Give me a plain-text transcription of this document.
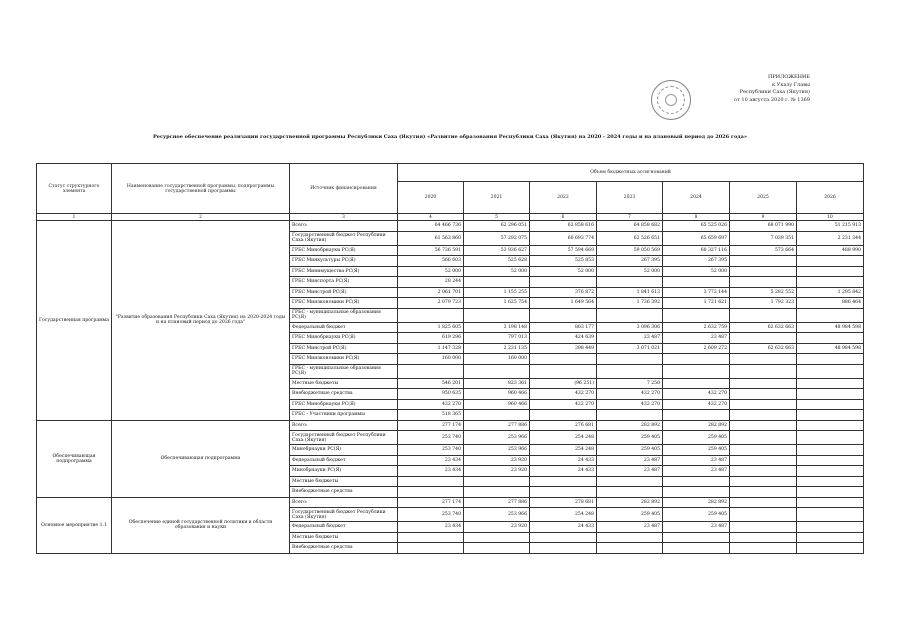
ПРИЛОЖЕНИЕ
к Указу Главы
Республики Саха (Якутия)
от 10 августа 2020 г. № 1369
Ресурсное обеспечение реализации государственной программы Республики Саха (Якутия) «Развитие образования Республики Саха (Якутия) на 2020 - 2024 годы и на плановый период до 2026 года»
Статус структурного элемента	Наименование государственной программы, подпрограммы государственной программы	Источник финансирования	Объем бюджетных ассигнований						
			2020	2021	2022	2023	2024	2025	2026
1	2	3	4	5	6	7	8	9	10
Государственная программа	"Развитие образования Республики Саха (Якутия) на 2020-2024 годы и на плановый период до 2026 года"	Всего:	64 466 736	62 296 051	62 858 616	64 858 682	65 525 026	68 071 990	51 215 913
		Государственный бюджет Республики Саха (Якутия)	61 563 860	57 292 075	60 693 774	62 526 651	65 659 697	7 039 351	2 231 344
		ГРБС Минобрнауки РС(Я)	56 736 591	53 936 627	57 594 669	59 050 569	60 327 116	573 664	488 990
		ГРБС Минкультуры РС(Я)	566 603	525 628	525 853	267 395	267 395		
		ГРБС Минимущества РС(Я)	52 000	52 000	52 000	52 000	52 000		
		ГРБС Минспорта РС(Я)	28 244						
		ГРБС Минстрой РС(Я)	2 061 701	1 155 255	376 872	1 841 613	3 772 144	5 282 552	1 295 842
		ГРБС Минэкономики РС(Я)	2 079 723	1 625 754	1 649 564	1 736 392	1 721 621	1 792 323	886 464
		ГРБС - муниципальные образования РС(Я)							
		Федеральный бюджет	1 825 605	3 198 148	803 177	3 096 306	2 632 759	62 632 663	48 984 598
		ГРБС Минобрнауки РС(Я)	619 296	797 013	424 639	23 487	23 487		
		ГРБС Минстрой РС(Я)	1 147 328	2 231 135	398 449	3 071 021	2 609 272	62 632 663	48 984 598
		ГРБС Минэкономики РС(Я)	160 000	160 000					
		ГРБС - муниципальные образования РС(Я)							
		Местные бюджеты	546 201	823 361	(96 251)	7 250			
		Внебюджетные средства	950 635	960 466	432 270	432 270	432 270		
		ГРБС Минобрнауки РС(Я)	432 270	960 466	432 270	432 270	432 270		
		ГРБС - Участники программы	518 365						
Обеспечивающая подпрограмма	Обеспечивающая подпрограмма	Всего:	277 174	277 886	276 681	282 892	282 892		
		Государственный бюджет Республики Саха (Якутия)	253 740	253 966	254 248	259 405	259 405		
		Минобрнауки РС(Я)	253 740	253 966	254 248	259 405	259 405		
		Федеральный бюджет	23 434	23 920	24 433	23 487	23 487		
		Минобрнауки РС(Я)	23 434	23 920	24 433	23 487	23 487		
		Местные бюджеты							
		Внебюджетные средства							
Основное мероприятие 1.1	Обеспечение единой государственной политики в области образования и науки	Всего:	277 174	277 886	278 681	282 892	282 892		
		Государственный бюджет Республики Саха (Якутия)	253 740	253 966	254 248	259 405	259 405		
		Федеральный бюджет	23 434	23 920	24 433	23 487	23 487		
		Местные бюджеты							
		Внебюджетные средства							
